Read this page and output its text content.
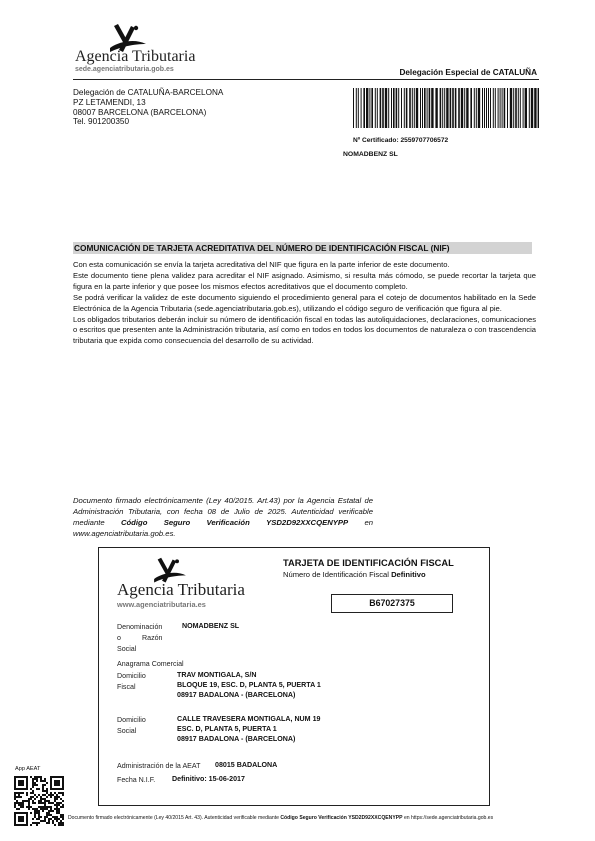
Agencia Tributaria
sede.agenciatributaria.gob.es	Delegación Especial de CATALUÑA
Delegación de CATALUÑA-BARCELONA
PZ LETAMENDI, 13
08007 BARCELONA (BARCELONA)
Tel. 901200350
Nº Certificado: 2559707706572
NOMADBENZ SL
COMUNICACIÓN DE TARJETA ACREDITATIVA DEL NÚMERO DE IDENTIFICACIÓN FISCAL (NIF)

Con esta comunicación se envía la tarjeta acreditativa del NIF que figura en la parte inferior de este documento.

Este documento tiene plena validez para acreditar el NIF asignado. Asimismo, si resulta más cómodo, se puede recortar la tarjeta que figura en la parte inferior y que posee los mismos efectos acreditativos que el documento completo.

Se podrá verificar la validez de este documento siguiendo el procedimiento general para el cotejo de documentos habilitado en la Sede Electrónica de la Agencia Tributaria (sede.agenciatributaria.gob.es), utilizando el código seguro de verificación que figura al pie.

Los obligados tributarios deberán incluir su número de identificación fiscal en todas las autoliquidaciones, declaraciones, comunicaciones o escritos que presenten ante la Administración tributaria, así como en todos en todos los documentos de naturaleza o con trascendencia tributaria que expida como consecuencia del desarrollo de su actividad.

Documento firmado electrónicamente (Ley 40/2015. Art.43) por la Agencia Estatal de Administración Tributaria, con fecha 08 de Julio de 2025. Autenticidad verificable mediante Código Seguro Verificación YSD2D92XXCQENYPP en www.agenciatributaria.gob.es.
Agencia Tributaria
www.agenciatributaria.es
TARJETA DE IDENTIFICACIÓN FISCAL
Número de Identificación Fiscal Definitivo
B67027375
Denominación
o	Razón
Social
NOMADBENZ SL
Anagrama Comercial
Domicilio
Fiscal
TRAV MONTIGALA, S/N
BLOQUE 19, ESC. D, PLANTA 5, PUERTA 1
08917 BADALONA - (BARCELONA)
Domicilio
Social
CALLE TRAVESERA MONTIGALA, NUM 19
ESC. D, PLANTA 5, PUERTA 1
08917 BADALONA - (BARCELONA)
Administración de la AEAT 08015 BADALONA
Fecha N.I.F. Definitivo: 15-06-2017
App AEAT
Documento firmado electrónicamente (Ley 40/2015 Art. 43). Autenticidad verificable mediante Código Seguro Verificación YSD2D92XXCQENYPP en https://sede.agenciatributaria.gob.es
